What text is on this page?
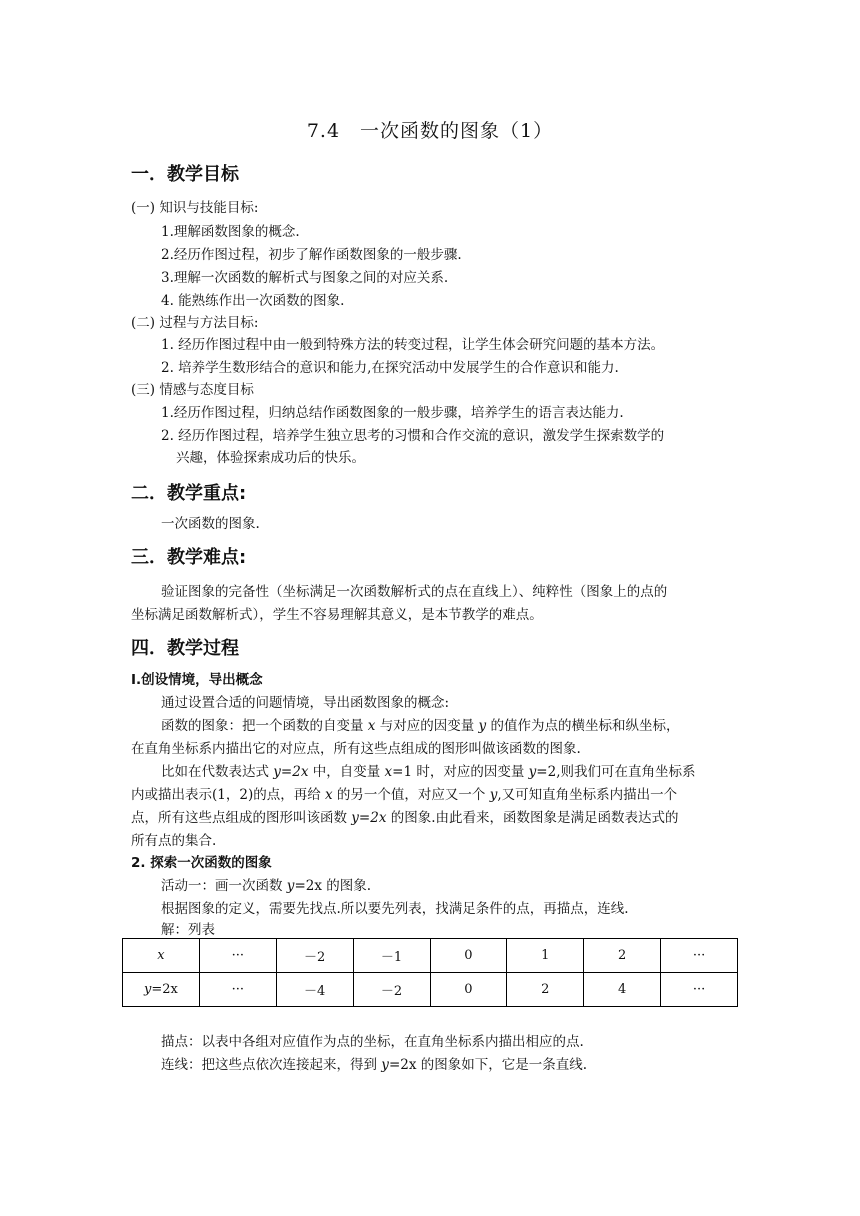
7.4　一次函数的图象（1）
一．教学目标
(一) 知识与技能目标:
1.理解函数图象的概念.
2.经历作图过程，初步了解作函数图象的一般步骤.
3.理解一次函数的解析式与图象之间的对应关系.
4. 能熟练作出一次函数的图象.
(二) 过程与方法目标:
1. 经历作图过程中由一般到特殊方法的转变过程，让学生体会研究问题的基本方法。
2. 培养学生数形结合的意识和能力,在探究活动中发展学生的合作意识和能力.
(三) 情感与态度目标
1.经历作图过程，归纳总结作函数图象的一般步骤，培养学生的语言表达能力.
2. 经历作图过程，培养学生独立思考的习惯和合作交流的意识，激发学生探索数学的
兴趣，体验探索成功后的快乐。
二．教学重点:
一次函数的图象.
三．教学难点:
验证图象的完备性（坐标满足一次函数解析式的点在直线上）、纯粹性（图象上的点的
坐标满足函数解析式），学生不容易理解其意义，是本节教学的难点。
四．教学过程
Ⅰ.创设情境，导出概念
通过设置合适的问题情境，导出函数图象的概念:
函数的图象：把一个函数的自变量 x 与对应的因变量 y 的值作为点的横坐标和纵坐标，
在直角坐标系内描出它的对应点，所有这些点组成的图形叫做该函数的图象.
比如在代数表达式 y=2x 中，自变量 x=1 时，对应的因变量 y=2,则我们可在直角坐标系
内或描出表示(1，2)的点，再给 x 的另一个值，对应又一个 y,又可知直角坐标系内描出一个
点，所有这些点组成的图形叫该函数 y=2x 的图象.由此看来，函数图象是满足函数表达式的
所有点的集合.
2. 探索一次函数的图象
活动一：画一次函数 y=2x 的图象.
根据图象的定义，需要先找点.所以要先列表，找满足条件的点，再描点，连线.
解：列表
x	···	－2	－1	0	1	2	···
y=2x	···	－4	－2	0	2	4	···
描点：以表中各组对应值作为点的坐标，在直角坐标系内描出相应的点.
连线：把这些点依次连接起来，得到 y=2x 的图象如下，它是一条直线.
